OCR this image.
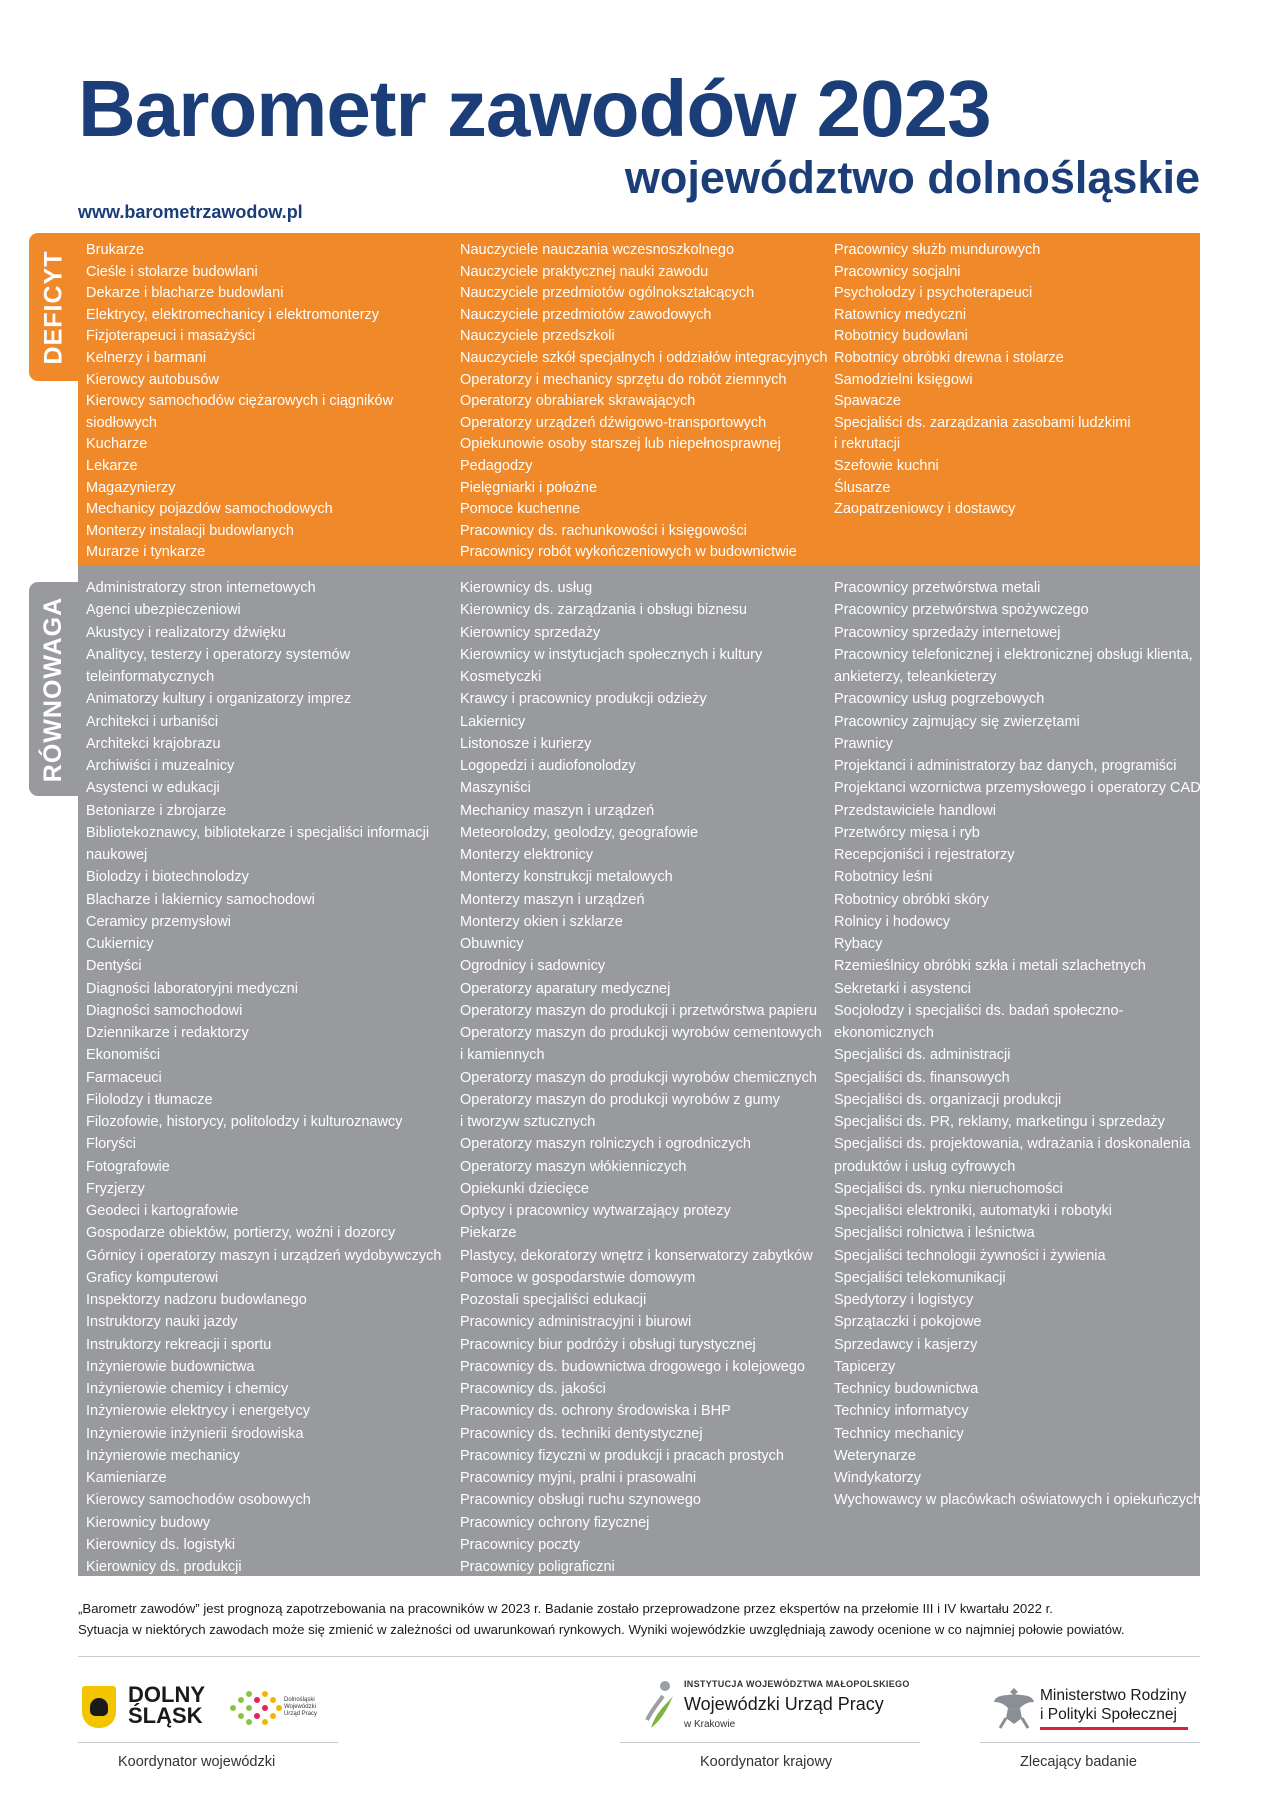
Barometr zawodów 2023
województwo dolnośląskie
www.barometrzawodow.pl
DEFICYT
RÓWNOWAGA
Brukarze
Cieśle i stolarze budowlani
Dekarze i blacharze budowlani
Elektrycy, elektromechanicy i elektromonterzy
Fizjoterapeuci i masażyści
Kelnerzy i barmani
Kierowcy autobusów
Kierowcy samochodów ciężarowych i ciągników
siodłowych
Kucharze
Lekarze
Magazynierzy
Mechanicy pojazdów samochodowych
Monterzy instalacji budowlanych
Murarze i tynkarze
Nauczyciele nauczania wczesnoszkolnego
Nauczyciele praktycznej nauki zawodu
Nauczyciele przedmiotów ogólnokształcących
Nauczyciele przedmiotów zawodowych
Nauczyciele przedszkoli
Nauczyciele szkół specjalnych i oddziałów integracyjnych
Operatorzy i mechanicy sprzętu do robót ziemnych
Operatorzy obrabiarek skrawających
Operatorzy urządzeń dźwigowo-transportowych
Opiekunowie osoby starszej lub niepełnosprawnej
Pedagodzy
Pielęgniarki i położne
Pomoce kuchenne
Pracownicy ds. rachunkowości i księgowości
Pracownicy robót wykończeniowych w budownictwie
Pracownicy służb mundurowych
Pracownicy socjalni
Psycholodzy i psychoterapeuci
Ratownicy medyczni
Robotnicy budowlani
Robotnicy obróbki drewna i stolarze
Samodzielni księgowi
Spawacze
Specjaliści ds. zarządzania zasobami ludzkimi
i rekrutacji
Szefowie kuchni
Ślusarze
Zaopatrzeniowcy i dostawcy
Administratorzy stron internetowych
Agenci ubezpieczeniowi
Akustycy i realizatorzy dźwięku
Analitycy, testerzy i operatorzy systemów
teleinformatycznych
Animatorzy kultury i organizatorzy imprez
Architekci i urbaniści
Architekci krajobrazu
Archiwiści i muzealnicy
Asystenci w edukacji
Betoniarze i zbrojarze
Bibliotekoznawcy, bibliotekarze i specjaliści informacji
naukowej
Biolodzy i biotechnolodzy
Blacharze i lakiernicy samochodowi
Ceramicy przemysłowi
Cukiernicy
Dentyści
Diagności laboratoryjni medyczni
Diagności samochodowi
Dziennikarze i redaktorzy
Ekonomiści
Farmaceuci
Filolodzy i tłumacze
Filozofowie, historycy, politolodzy i kulturoznawcy
Floryści
Fotografowie
Fryzjerzy
Geodeci i kartografowie
Gospodarze obiektów, portierzy, woźni i dozorcy
Górnicy i operatorzy maszyn i urządzeń wydobywczych
Graficy komputerowi
Inspektorzy nadzoru budowlanego
Instruktorzy nauki jazdy
Instruktorzy rekreacji i sportu
Inżynierowie budownictwa
Inżynierowie chemicy i chemicy
Inżynierowie elektrycy i energetycy
Inżynierowie inżynierii środowiska
Inżynierowie mechanicy
Kamieniarze
Kierowcy samochodów osobowych
Kierownicy budowy
Kierownicy ds. logistyki
Kierownicy ds. produkcji
Kierownicy ds. usług
Kierownicy ds. zarządzania i obsługi biznesu
Kierownicy sprzedaży
Kierownicy w instytucjach społecznych i kultury
Kosmetyczki
Krawcy i pracownicy produkcji odzieży
Lakiernicy
Listonosze i kurierzy
Logopedzi i audiofonolodzy
Maszyniści
Mechanicy maszyn i urządzeń
Meteorolodzy, geolodzy, geografowie
Monterzy elektronicy
Monterzy konstrukcji metalowych
Monterzy maszyn i urządzeń
Monterzy okien i szklarze
Obuwnicy
Ogrodnicy i sadownicy
Operatorzy aparatury medycznej
Operatorzy maszyn do produkcji i przetwórstwa papieru
Operatorzy maszyn do produkcji wyrobów cementowych
i kamiennych
Operatorzy maszyn do produkcji wyrobów chemicznych
Operatorzy maszyn do produkcji wyrobów z gumy
i tworzyw sztucznych
Operatorzy maszyn rolniczych i ogrodniczych
Operatorzy maszyn włókienniczych
Opiekunki dziecięce
Optycy i pracownicy wytwarzający protezy
Piekarze
Plastycy, dekoratorzy wnętrz i konserwatorzy zabytków
Pomoce w gospodarstwie domowym
Pozostali specjaliści edukacji
Pracownicy administracyjni i biurowi
Pracownicy biur podróży i obsługi turystycznej
Pracownicy ds. budownictwa drogowego i kolejowego
Pracownicy ds. jakości
Pracownicy ds. ochrony środowiska i BHP
Pracownicy ds. techniki dentystycznej
Pracownicy fizyczni w produkcji i pracach prostych
Pracownicy myjni, pralni i prasowalni
Pracownicy obsługi ruchu szynowego
Pracownicy ochrony fizycznej
Pracownicy poczty
Pracownicy poligraficzni
Pracownicy przetwórstwa metali
Pracownicy przetwórstwa spożywczego
Pracownicy sprzedaży internetowej
Pracownicy telefonicznej i elektronicznej obsługi klienta,
ankieterzy, teleankieterzy
Pracownicy usług pogrzebowych
Pracownicy zajmujący się zwierzętami
Prawnicy
Projektanci i administratorzy baz danych, programiści
Projektanci wzornictwa przemysłowego i operatorzy CAD
Przedstawiciele handlowi
Przetwórcy mięsa i ryb
Recepcjoniści i rejestratorzy
Robotnicy leśni
Robotnicy obróbki skóry
Rolnicy i hodowcy
Rybacy
Rzemieślnicy obróbki szkła i metali szlachetnych
Sekretarki i asystenci
Socjolodzy i specjaliści ds. badań społeczno-
ekonomicznych
Specjaliści ds. administracji
Specjaliści ds. finansowych
Specjaliści ds. organizacji produkcji
Specjaliści ds. PR, reklamy, marketingu i sprzedaży
Specjaliści ds. projektowania, wdrażania i doskonalenia
produktów i usług cyfrowych
Specjaliści ds. rynku nieruchomości
Specjaliści elektroniki, automatyki i robotyki
Specjaliści rolnictwa i leśnictwa
Specjaliści technologii żywności i żywienia
Specjaliści telekomunikacji
Spedytorzy i logistycy
Sprzątaczki i pokojowe
Sprzedawcy i kasjerzy
Tapicerzy
Technicy budownictwa
Technicy informatycy
Technicy mechanicy
Weterynarze
Windykatorzy
Wychowawcy w placówkach oświatowych i opiekuńczych
„Barometr zawodów” jest prognozą zapotrzebowania na pracowników w 2023 r. Badanie zostało przeprowadzone przez ekspertów na przełomie III i IV kwartału 2022 r.
Sytuacja w niektórych zawodach może się zmienić w zależności od uwarunkowań rynkowych. Wyniki wojewódzkie uwzględniają zawody ocenione w co najmniej połowie powiatów.
DOLNY
ŚLĄSK
Dolnośląski
Wojewódzki
Urząd Pracy
INSTYTUCJA WOJEWÓDZTWA MAŁOPOLSKIEGO
Wojewódzki Urząd Pracy
w Krakowie
Ministerstwo Rodziny
i Polityki Społecznej
Koordynator wojewódzki	Koordynator krajowy	Zlecający badanie
